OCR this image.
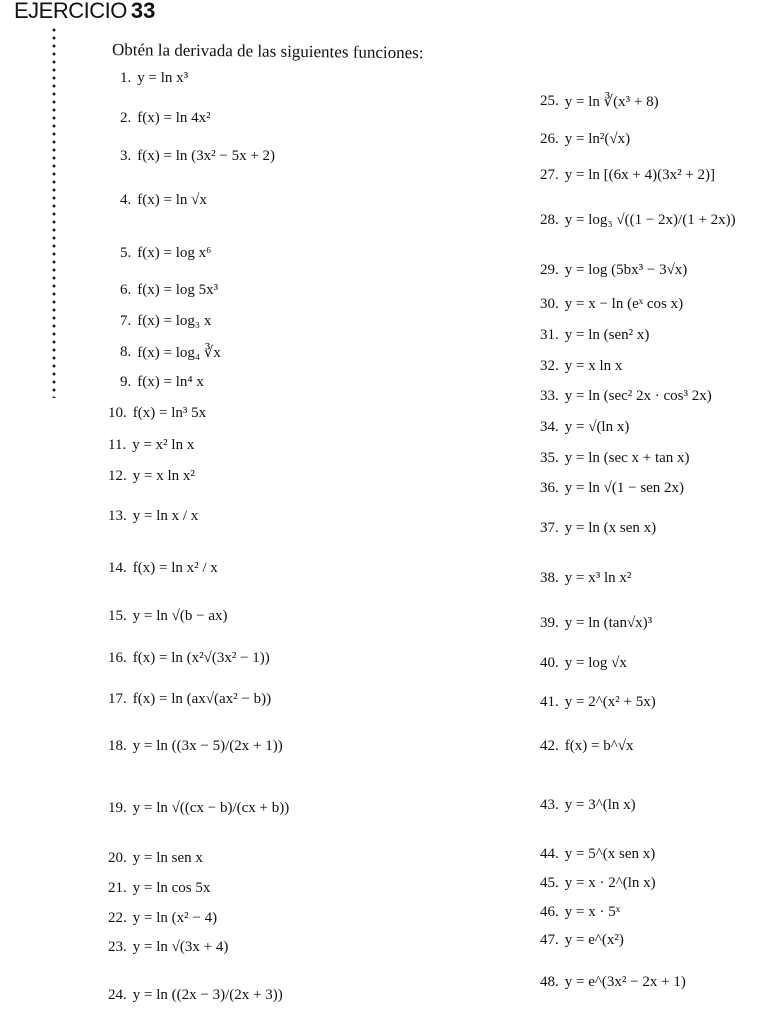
EJERCICIO 33
Obtén la derivada de las siguientes funciones:
1. y = ln x³
2. f(x) = ln 4x²
3. f(x) = ln (3x² − 5x + 2)
4. f(x) = ln √x
5. f(x) = log x⁶
6. f(x) = log 5x³
7. f(x) = log₃ x
8. f(x) = log₄ ∛x
9. f(x) = ln⁴ x
10. f(x) = ln³ 5x
11. y = x² ln x
12. y = x ln x²
13. y = ln x / x
14. f(x) = ln x² / x
15. y = ln √(b − ax)
16. f(x) = ln (x²√(3x² − 1))
17. f(x) = ln (ax√(ax² − b))
18. y = ln ((3x − 5)/(2x + 1))
19. y = ln √((cx − b)/(cx + b))
20. y = ln sen x
21. y = ln cos 5x
22. y = ln (x² − 4)
23. y = ln √(3x + 4)
24. y = ln ((2x − 3)/(2x + 3))
25. y = ln ∛(x³ + 8)
26. y = ln²(√x)
27. y = ln [(6x + 4)(3x² + 2)]
28. y = log₃ √((1 − 2x)/(1 + 2x))
29. y = log (5bx³ − 3√x)
30. y = x − ln (eˣ cos x)
31. y = ln (sen² x)
32. y = x ln x
33. y = ln (sec² 2x · cos³ 2x)
34. y = √(ln x)
35. y = ln (sec x + tan x)
36. y = ln √(1 − sen 2x)
37. y = ln (x sen x)
38. y = x³ ln x²
39. y = ln (tan√x)³
40. y = log √x
41. y = 2^(x² + 5x)
42. f(x) = b^√x
43. y = 3^(ln x)
44. y = 5^(x sen x)
45. y = x · 2^(ln x)
46. y = x · 5ˣ
47. y = e^(x²)
48. y = e^(3x² − 2x + 1)
